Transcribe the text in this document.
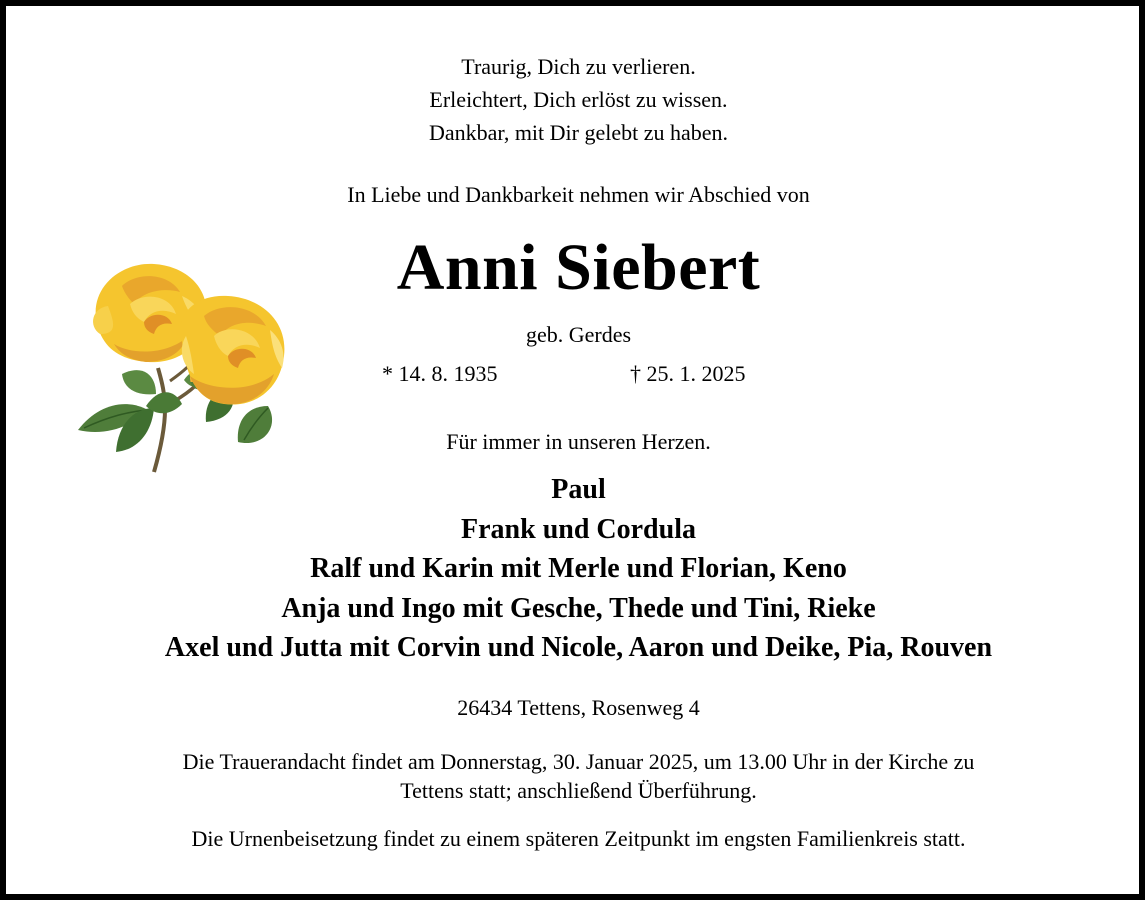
Traurig, Dich zu verlieren.
Erleichtert, Dich erlöst zu wissen.
Dankbar, mit Dir gelebt zu haben.
In Liebe und Dankbarkeit nehmen wir Abschied von
Anni Siebert
geb. Gerdes
* 14. 8. 1935	† 25. 1. 2025
Für immer in unseren Herzen.
Paul
Frank und Cordula
Ralf und Karin mit Merle und Florian, Keno
Anja und Ingo mit Gesche, Thede und Tini, Rieke
Axel und Jutta mit Corvin und Nicole, Aaron und Deike, Pia, Rouven
26434 Tettens, Rosenweg 4
Die Trauerandacht findet am Donnerstag, 30. Januar 2025, um 13.00 Uhr in der Kirche zu
Tettens statt; anschließend Überführung.
Die Urnenbeisetzung findet zu einem späteren Zeitpunkt im engsten Familienkreis statt.
